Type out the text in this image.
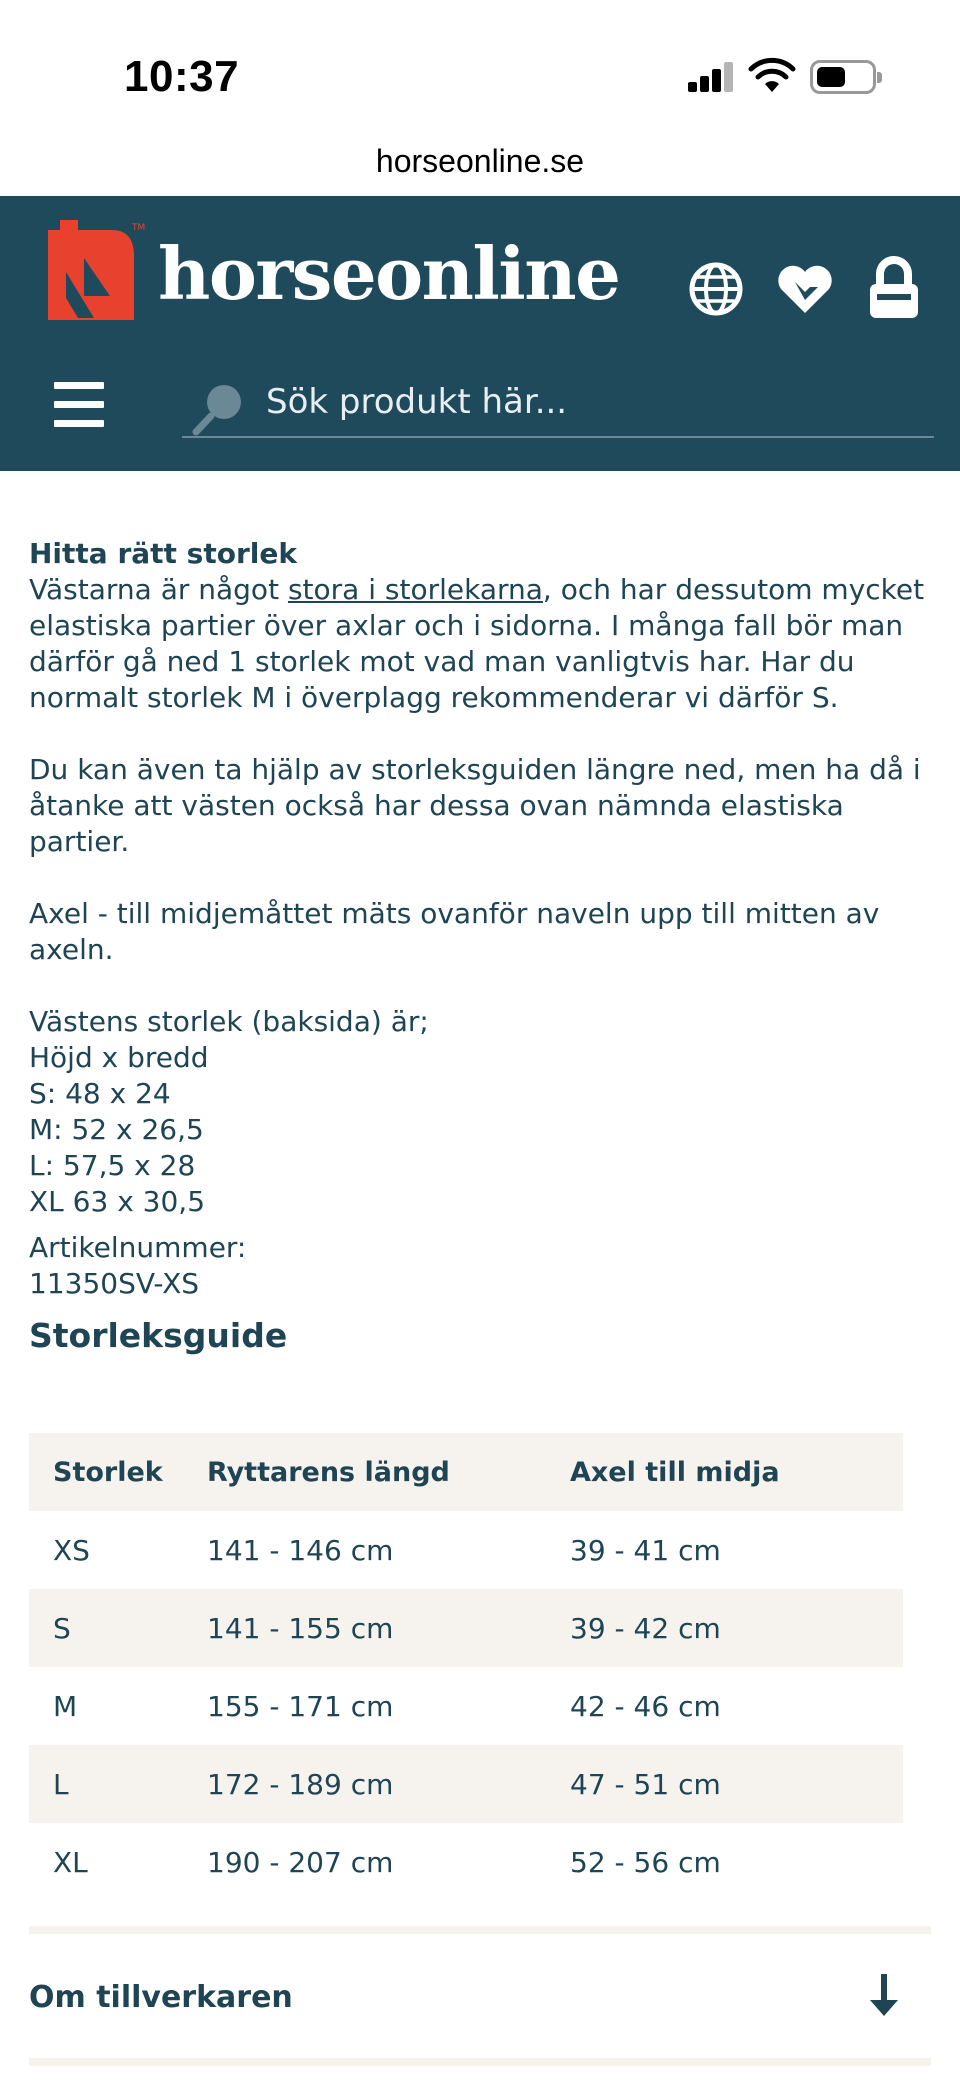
10:37
horseonline.se
TM
horseonline
Sök produkt här...

Hitta rätt storlek

Västarna är något stora i storlekarna, och har dessutom mycket elastiska partier över axlar och i sidorna. I många fall bör man därför gå ned 1 storlek mot vad man vanligtvis har. Har du normalt storlek M i överplagg rekommenderar vi därför S.

Du kan även ta hjälp av storleksguiden längre ned, men ha då i åtanke att västen också har dessa ovan nämnda elastiska partier.

Axel - till midjemåttet mäts ovanför naveln upp till mitten av axeln.

Västens storlek (baksida) är;

Höjd x bredd

S: 48 x 24

M: 52 x 26,5

L: 57,5 x 28

XL 63 x 30,5

Artikelnummer:

11350SV-XS

Storleksguide
Storlek	Ryttarens längd	Axel till midja
XS	141 - 146 cm	39 - 41 cm
S	141 - 155 cm	39 - 42 cm
M	155 - 171 cm	42 - 46 cm
L	172 - 189 cm	47 - 51 cm
XL	190 - 207 cm	52 - 56 cm
Om tillverkaren
